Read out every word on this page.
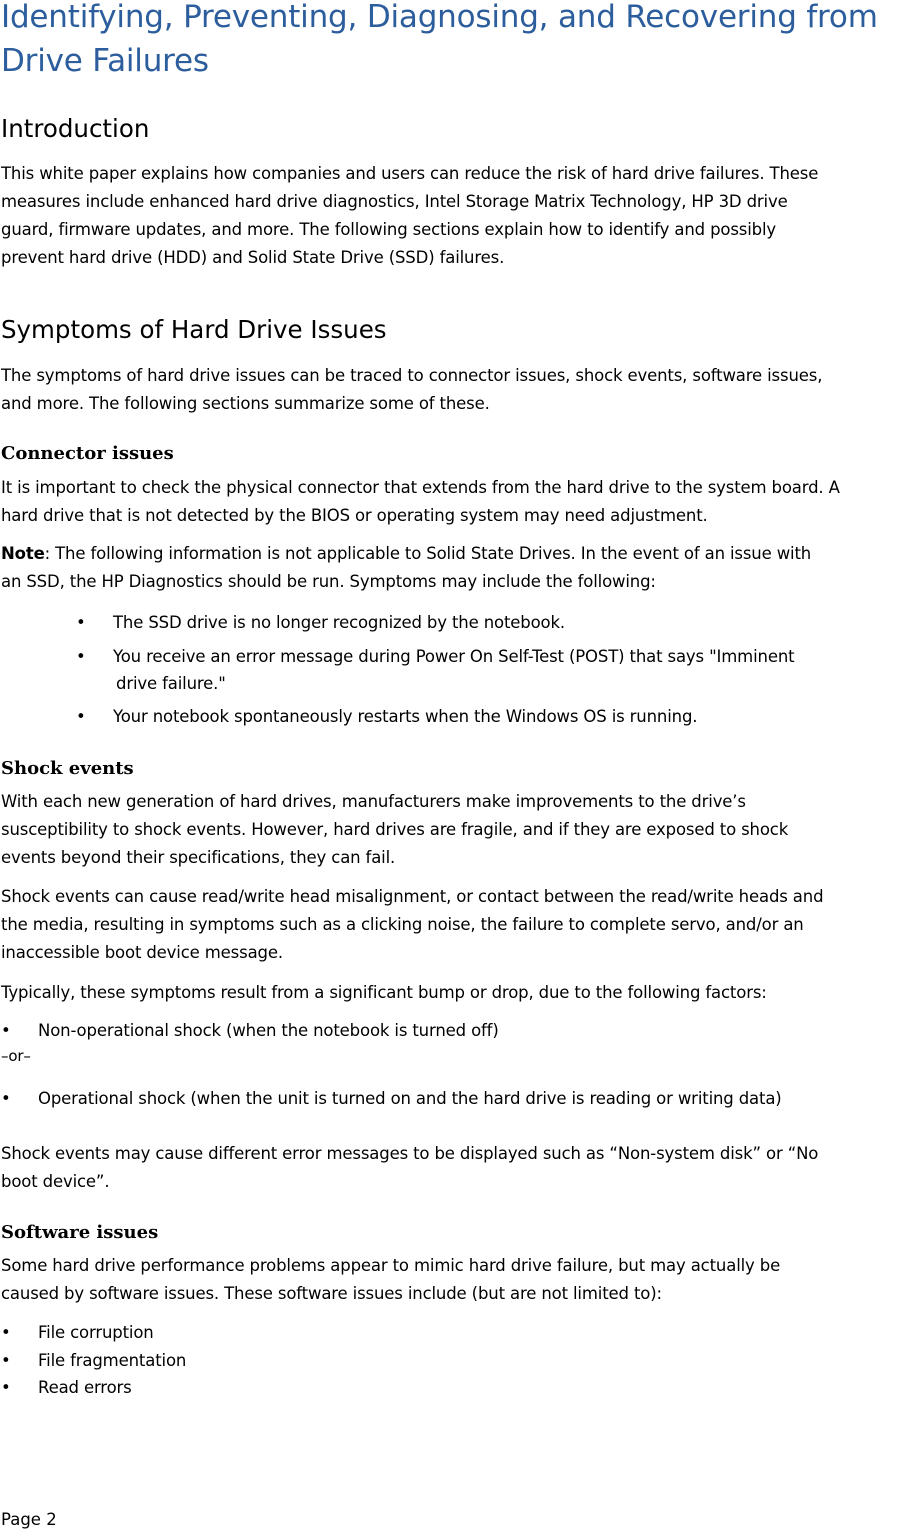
Identifying, Preventing, Diagnosing, and Recovering from
Drive Failures
Introduction
This white paper explains how companies and users can reduce the risk of hard drive failures. These
measures include enhanced hard drive diagnostics, Intel Storage Matrix Technology, HP 3D drive
guard, firmware updates, and more. The following sections explain how to identify and possibly
prevent hard drive (HDD) and Solid State Drive (SSD) failures.
Symptoms of Hard Drive Issues
The symptoms of hard drive issues can be traced to connector issues, shock events, software issues,
and more. The following sections summarize some of these.
Connector issues
It is important to check the physical connector that extends from the hard drive to the system board. A
hard drive that is not detected by the BIOS or operating system may need adjustment.
Note: The following information is not applicable to Solid State Drives. In the event of an issue with
an SSD, the HP Diagnostics should be run. Symptoms may include the following:
• The SSD drive is no longer recognized by the notebook.
• You receive an error message during Power On Self-Test (POST) that says "Imminent
drive failure."
• Your notebook spontaneously restarts when the Windows OS is running.
Shock events
With each new generation of hard drives, manufacturers make improvements to the drive’s
susceptibility to shock events. However, hard drives are fragile, and if they are exposed to shock
events beyond their specifications, they can fail.
Shock events can cause read/write head misalignment, or contact between the read/write heads and
the media, resulting in symptoms such as a clicking noise, the failure to complete servo, and/or an
inaccessible boot device message.
Typically, these symptoms result from a significant bump or drop, due to the following factors:
• Non-operational shock (when the notebook is turned off)
–or–
• Operational shock (when the unit is turned on and the hard drive is reading or writing data)
Shock events may cause different error messages to be displayed such as “Non-system disk” or “No
boot device”.
Software issues
Some hard drive performance problems appear to mimic hard drive failure, but may actually be
caused by software issues. These software issues include (but are not limited to):
• File corruption
• File fragmentation
• Read errors
Page 2
